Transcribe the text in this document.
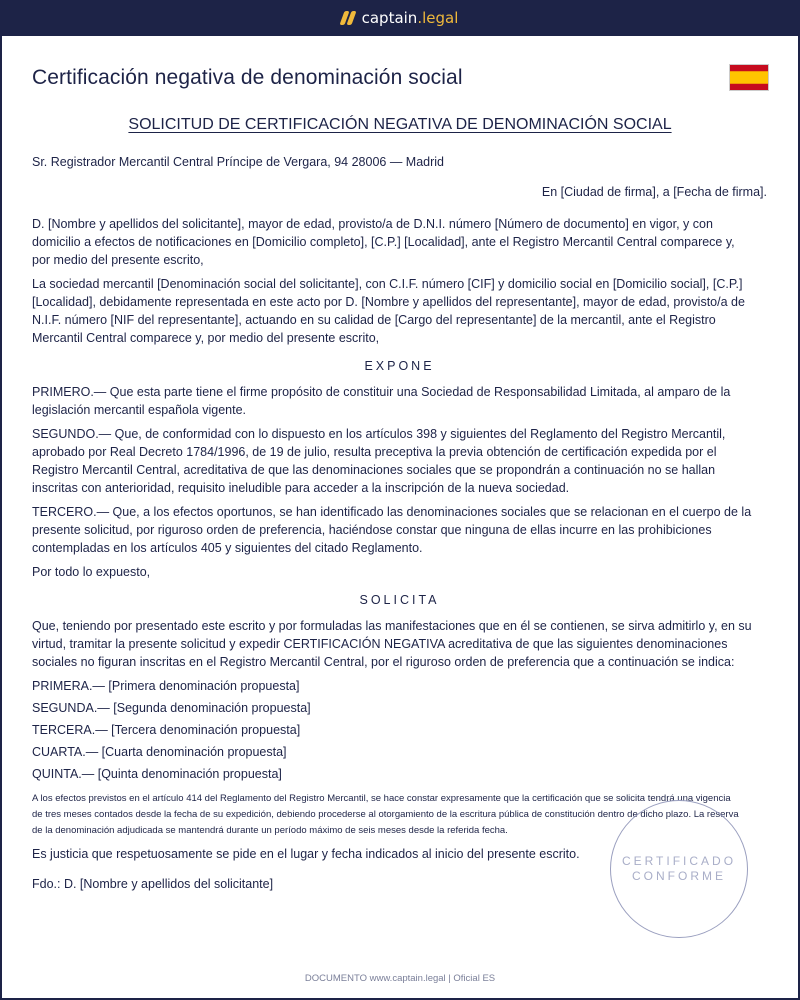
captain .legal
Certificación negativa de denominación social
SOLICITUD DE CERTIFICACIÓN NEGATIVA DE DENOMINACIÓN SOCIAL

Sr. Registrador Mercantil Central Príncipe de Vergara, 94 28006 — Madrid

En [Ciudad de firma], a [Fecha de firma].

D. [Nombre y apellidos del solicitante], mayor de edad, provisto/a de D.N.I. número [Número de documento] en vigor, y con domicilio a efectos de notificaciones en [Domicilio completo], [C.P.] [Localidad], ante el Registro Mercantil Central comparece y, por medio del presente escrito,

La sociedad mercantil [Denominación social del solicitante], con C.I.F. número [CIF] y domicilio social en [Domicilio social], [C.P.] [Localidad], debidamente representada en este acto por D. [Nombre y apellidos del representante], mayor de edad, provisto/a de N.I.F. número [NIF del representante], actuando en su calidad de [Cargo del representante] de la mercantil, ante el Registro Mercantil Central comparece y, por medio del presente escrito,

EXPONE

PRIMERO.— Que esta parte tiene el firme propósito de constituir una Sociedad de Responsabilidad Limitada, al amparo de la legislación mercantil española vigente.

SEGUNDO.— Que, de conformidad con lo dispuesto en los artículos 398 y siguientes del Reglamento del Registro Mercantil, aprobado por Real Decreto 1784/1996, de 19 de julio, resulta preceptiva la previa obtención de certificación expedida por el Registro Mercantil Central, acreditativa de que las denominaciones sociales que se propondrán a continuación no se hallan inscritas con anterioridad, requisito ineludible para acceder a la inscripción de la nueva sociedad.

TERCERO.— Que, a los efectos oportunos, se han identificado las denominaciones sociales que se relacionan en el cuerpo de la presente solicitud, por riguroso orden de preferencia, haciéndose constar que ninguna de ellas incurre en las prohibiciones contempladas en los artículos 405 y siguientes del citado Reglamento.

Por todo lo expuesto,

SOLICITA

Que, teniendo por presentado este escrito y por formuladas las manifestaciones que en él se contienen, se sirva admitirlo y, en su virtud, tramitar la presente solicitud y expedir CERTIFICACIÓN NEGATIVA acreditativa de que las siguientes denominaciones sociales no figuran inscritas en el Registro Mercantil Central, por el riguroso orden de preferencia que a continuación se indica:

PRIMERA.— [Primera denominación propuesta]

SEGUNDA.— [Segunda denominación propuesta]

TERCERA.— [Tercera denominación propuesta]

CUARTA.— [Cuarta denominación propuesta]

QUINTA.— [Quinta denominación propuesta]

A los efectos previstos en el artículo 414 del Reglamento del Registro Mercantil, se hace constar expresamente que la certificación que se solicita tendrá una vigencia de tres meses contados desde la fecha de su expedición, debiendo procederse al otorgamiento de la escritura pública de constitución dentro de dicho plazo. La reserva de la denominación adjudicada se mantendrá durante un período máximo de seis meses desde la referida fecha.

Es justicia que respetuosamente se pide en el lugar y fecha indicados al inicio del presente escrito.

Fdo.: D. [Nombre y apellidos del solicitante]

CERTIFICADO
CONFORME
DOCUMENTO www.captain.legal | Oficial ES
